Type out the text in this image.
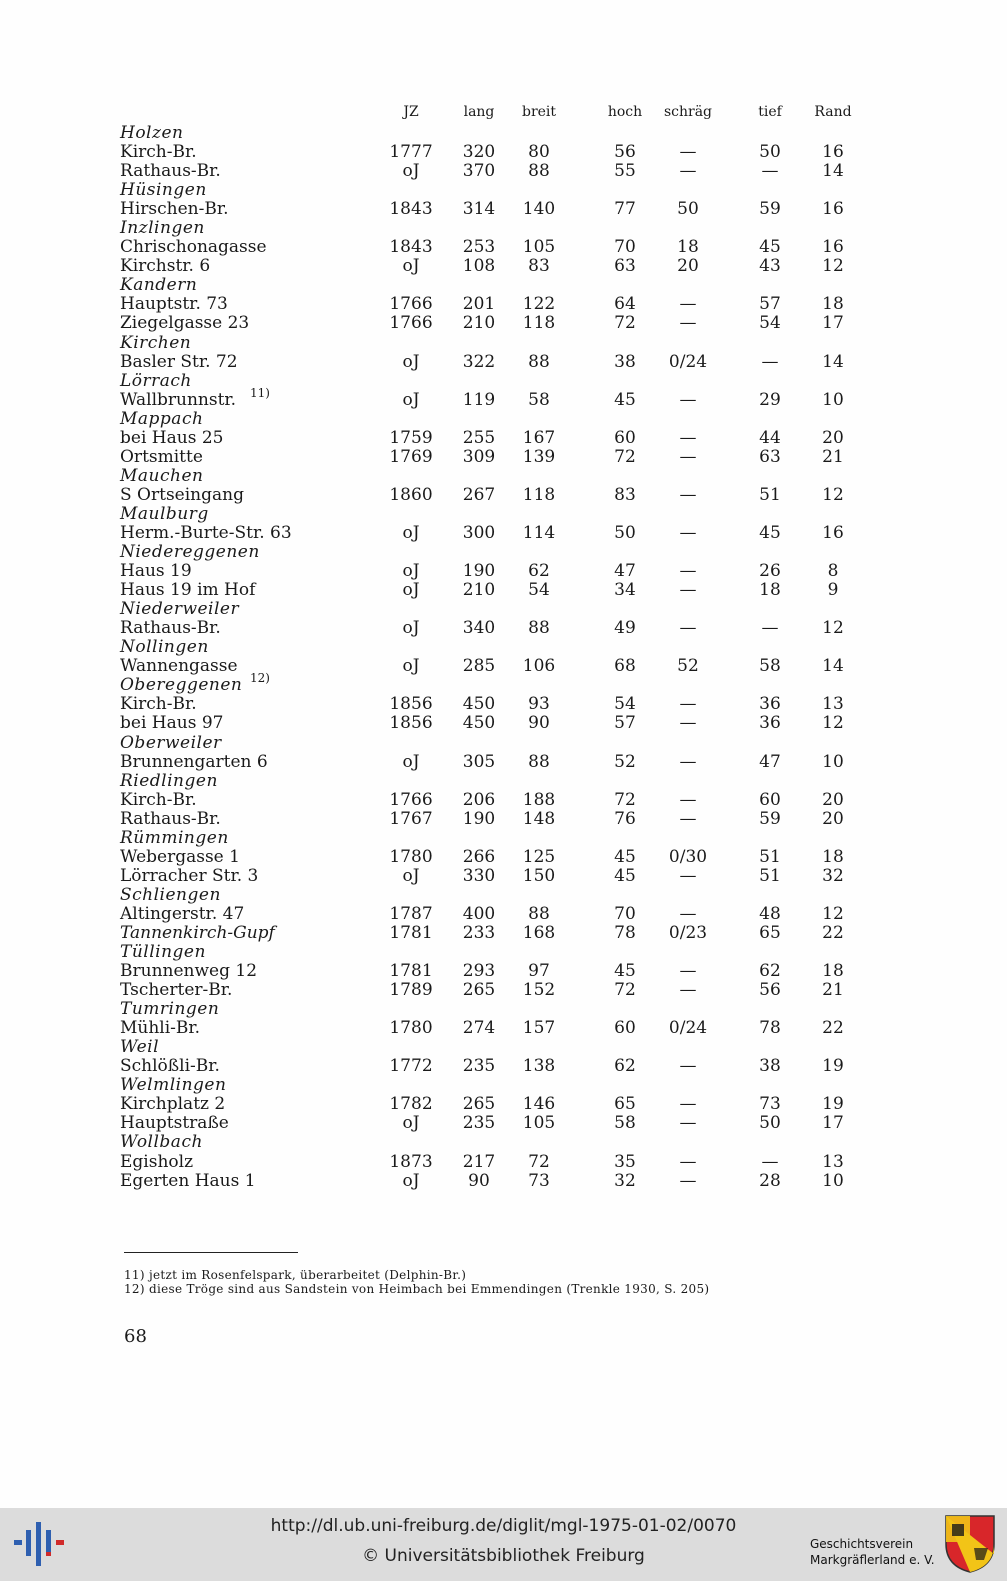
JZ	lang breit	hoch schräg	tief Rand
Holzen
Kirch-Br.	1777 320 80	56	—	50 16
Rathaus-Br.	oJ	370 88	55	—	—	14
Hüsingen
Hirschen-Br.	1843 314 140	77 50	59 16
Inzlingen
Chrischonagasse	1843 253 105	70 18	45 16
Kirchstr. 6	oJ	108 83	63 20	43 12
Kandern
Hauptstr. 73	1766 201 122	64	—	57 18
Ziegelgasse 23	1766 210 118	72	—	54 17
Kirchen
Basler Str. 72	oJ	322 88	38 0/24	—	14
Lörrach
Wallbrunnstr. 11)	oJ	119 58	45	—	29 10
Mappach
bei Haus 25	1759 255 167	60	—	44 20
Ortsmitte	1769 309 139	72	—	63 21
Mauchen
S Ortseingang	1860 267 118	83	—	51 12
Maulburg
Herm.-Burte-Str. 63	oJ	300 114	50	—	45 16
Niedereggenen
Haus 19	oJ	190 62	47	—	26	8
Haus 19 im Hof	oJ	210 54	34	—	18	9
Niederweiler
Rathaus-Br.	oJ	340 88	49	—	—	12
Nollingen
Wannengasse	oJ	285 106	68 52	58 14
Obereggenen 12)
Kirch-Br.	1856 450 93	54	—	36 13
bei Haus 97	1856 450 90	57	—	36 12
Oberweiler
Brunnengarten 6	oJ	305 88	52	—	47 10
Riedlingen
Kirch-Br.	1766 206 188	72	—	60 20
Rathaus-Br.	1767 190 148	76	—	59 20
Rümmingen
Webergasse 1	1780 266 125	45 0/30	51 18
Lörracher Str. 3	oJ	330 150	45	—	51 32
Schliengen
Altingerstr. 47	1787 400 88	70	—	48 12
Tannenkirch-Gupf	1781 233 168	78 0/23	65 22
Tüllingen
Brunnenweg 12	1781 293 97	45	—	62 18
Tscherter-Br.	1789 265 152	72	—	56 21
Tumringen
Mühli-Br.	1780 274 157	60 0/24	78 22
Weil
Schlößli-Br.	1772 235 138	62	—	38 19
Welmlingen
Kirchplatz 2	1782 265 146	65	—	73 19
Hauptstraße	oJ	235 105	58	—	50 17
Wollbach
Egisholz	1873 217 72	35	—	—	13
Egerten Haus 1	oJ	90 73	32	—	28 10
11) jetzt im Rosenfelspark, überarbeitet (Delphin-Br.)
12) diese Tröge sind aus Sandstein von Heimbach bei Emmendingen (Trenkle 1930, S. 205)
68
http://dl.ub.uni-freiburg.de/diglit/mgl-1975-01-02/0070
© Universitätsbibliothek Freiburg
Geschichtsverein
Markgräflerland e. V.
